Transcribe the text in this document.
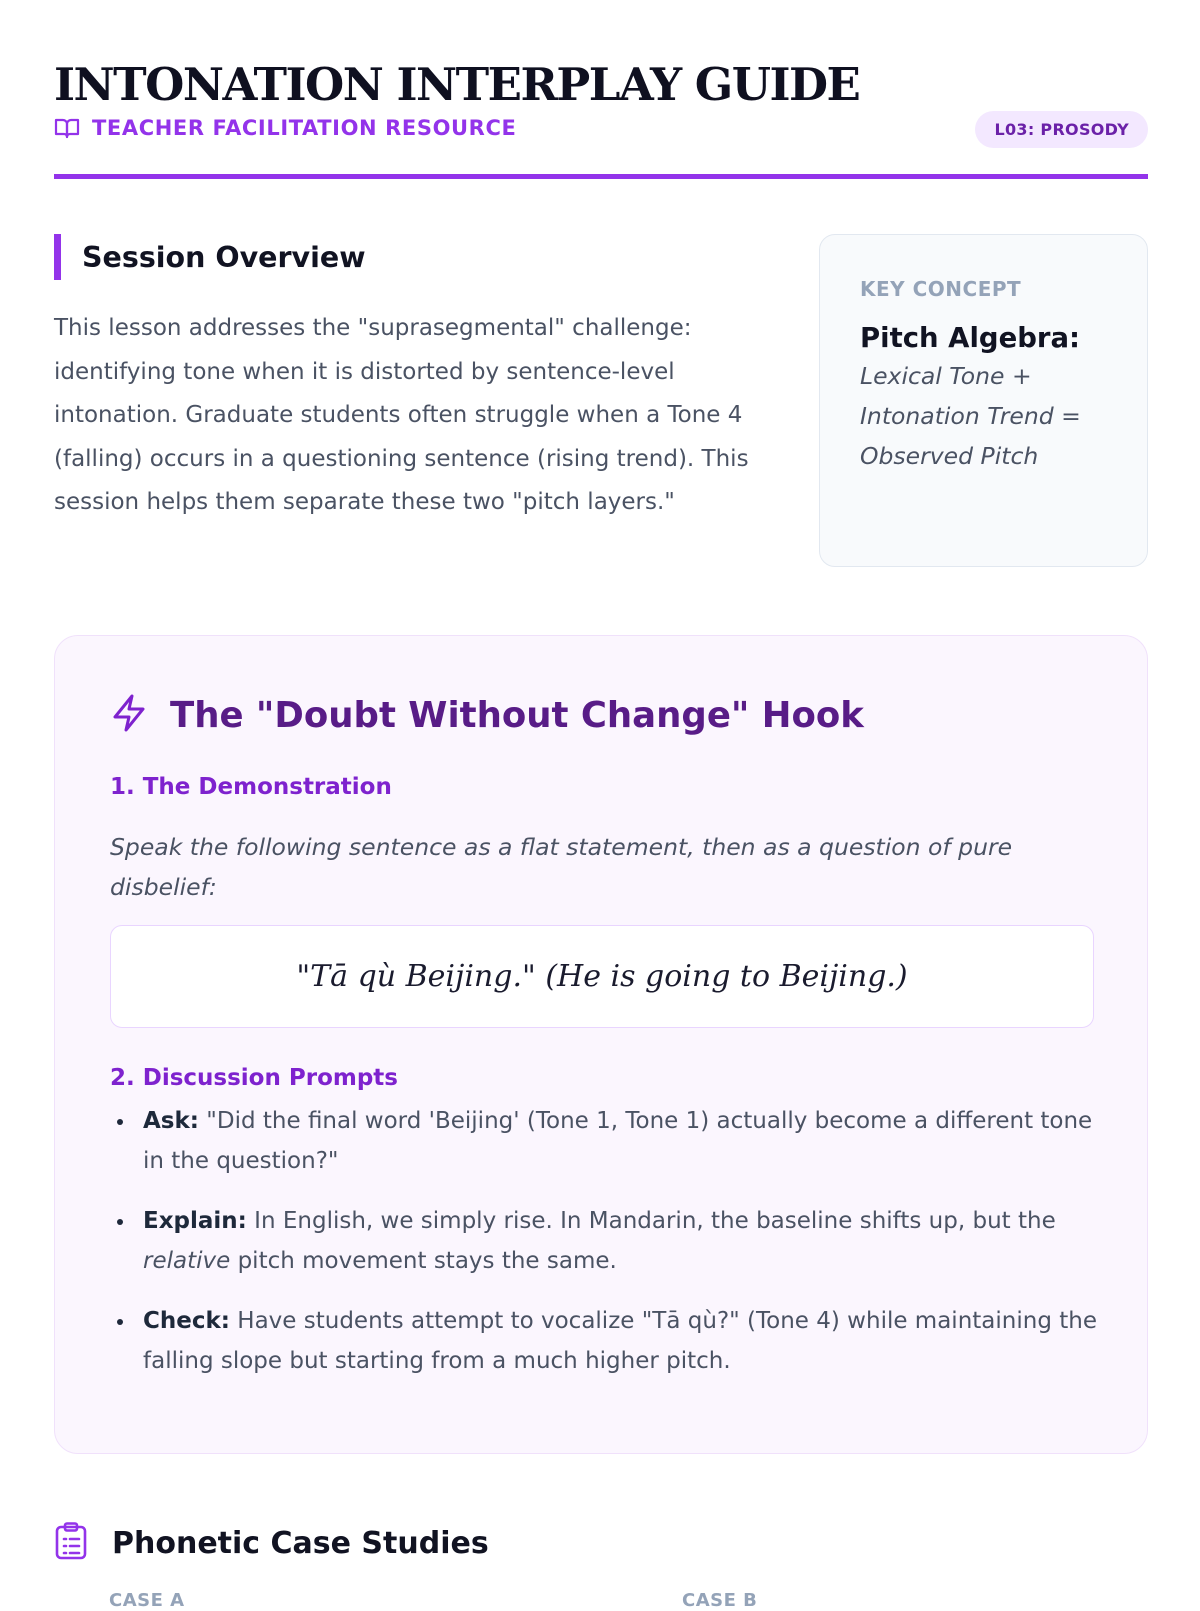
INTONATION INTERPLAY GUIDE
TEACHER FACILITATION RESOURCE	L03: PROSODY
Session Overview

This lesson addresses the "suprasegmental" challenge: identifying tone when it is distorted by sentence-level intonation. Graduate students often struggle when a Tone 4 (falling) occurs in a questioning sentence (rising trend). This session helps them separate these two "pitch layers."

KEY CONCEPT
Pitch Algebra:
Lexical Tone + Intonation Trend = Observed Pitch
The "Doubt Without Change" Hook
1. The Demonstration

Speak the following sentence as a flat statement, then as a question of pure disbelief:

"Tā qù Beijing." (He is going to Beijing.)
2. Discussion Prompts
Ask: "Did the final word 'Beijing' (Tone 1, Tone 1) actually become a different tone in the question?"
Explain: In English, we simply rise. In Mandarin, the baseline shifts up, but the relative pitch movement stays the same.
Check: Have students attempt to vocalize "Tā qù?" (Tone 4) while maintaining the falling slope but starting from a much higher pitch.
Phonetic Case Studies
CASE A	CASE B
